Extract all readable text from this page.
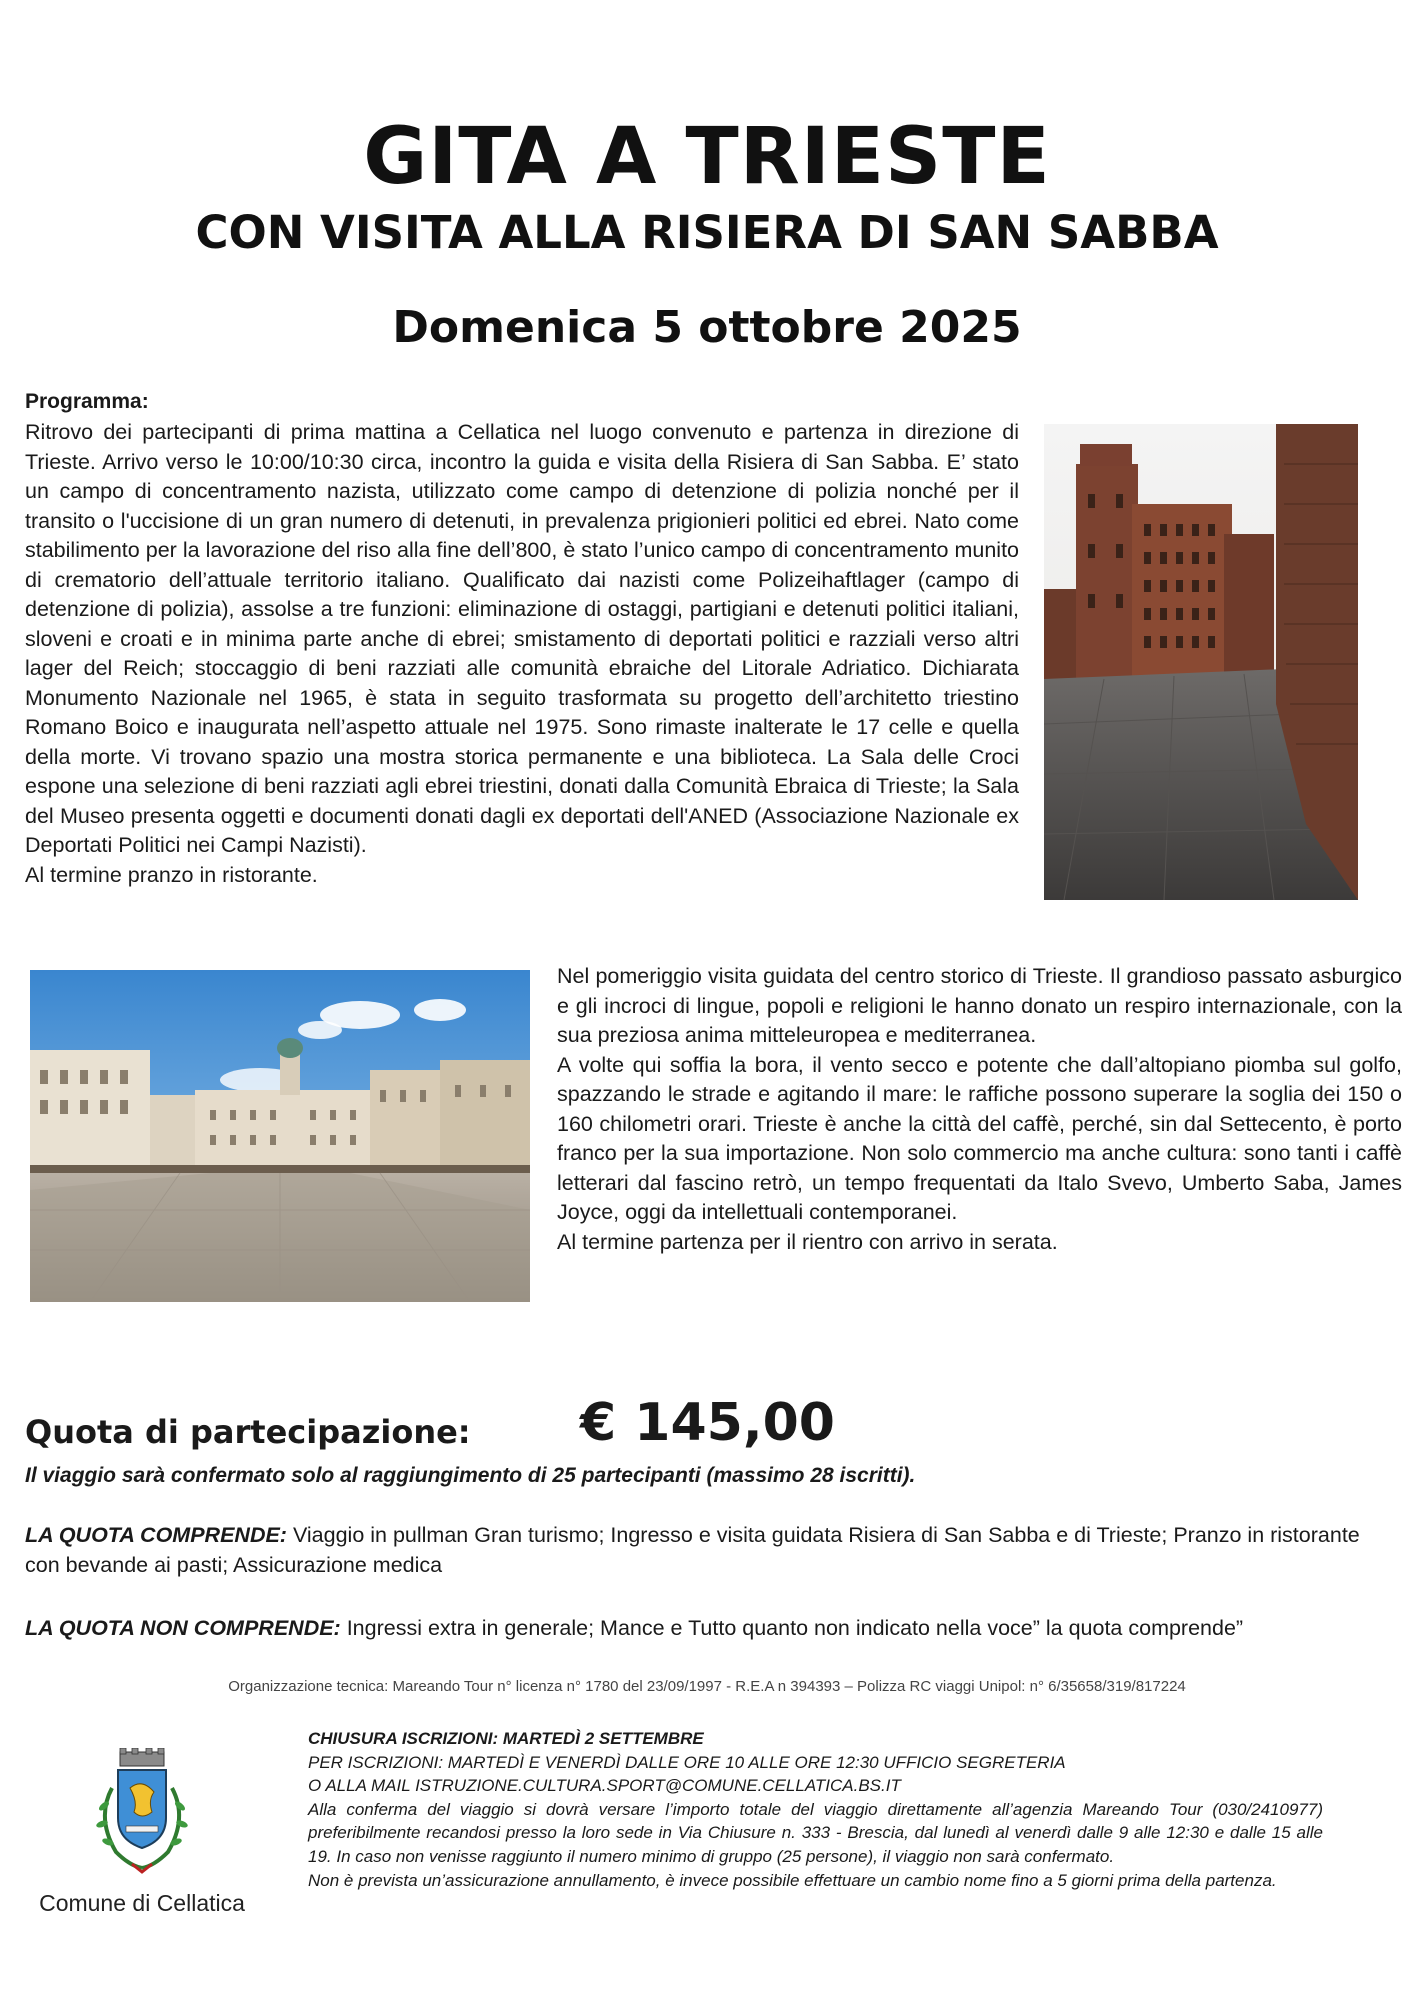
GITA A TRIESTE
CON VISITA ALLA RISIERA DI SAN SABBA
Domenica 5 ottobre 2025
Programma:

Ritrovo dei partecipanti di prima mattina a Cellatica nel luogo convenuto e partenza in direzione di Trieste. Arrivo verso le 10:00/10:30 circa, incontro la guida e visita della Risiera di San Sabba. E’ stato un campo di concentramento nazista, utilizzato come campo di detenzione di polizia nonché per il transito o l'uccisione di un gran numero di detenuti, in prevalenza prigionieri politici ed ebrei. Nato come stabilimento per la lavorazione del riso alla fine dell’800, è stato l’unico campo di concentramento munito di crematorio dell’attuale territorio italiano. Qualificato dai nazisti come Polizeihaftlager (campo di detenzione di polizia), assolse a tre funzioni: eliminazione di ostaggi, partigiani e detenuti politici italiani, sloveni e croati e in minima parte anche di ebrei; smistamento di deportati politici e razziali verso altri lager del Reich; stoccaggio di beni razziati alle comunità ebraiche del Litorale Adriatico. Dichiarata Monumento Nazionale nel 1965, è stata in seguito trasformata su progetto dell’architetto triestino Romano Boico e inaugurata nell’aspetto attuale nel 1975. Sono rimaste inalterate le 17 celle e quella della morte. Vi trovano spazio una mostra storica permanente e una biblioteca. La Sala delle Croci espone una selezione di beni razziati agli ebrei triestini, donati dalla Comunità Ebraica di Trieste; la Sala del Museo presenta oggetti e documenti donati dagli ex deportati dell'ANED (Associazione Nazionale ex Deportati Politici nei Campi Nazisti).

Al termine pranzo in ristorante.

Nel pomeriggio visita guidata del centro storico di Trieste. Il grandioso passato asburgico e gli incroci di lingue, popoli e religioni le hanno donato un respiro internazionale, con la sua preziosa anima mitteleuropea e mediterranea.

A volte qui soffia la bora, il vento secco e potente che dall’altopiano piomba sul golfo, spazzando le strade e agitando il mare: le raffiche possono superare la soglia dei 150 o 160 chilometri orari. Trieste è anche la città del caffè, perché, sin dal Settecento, è porto franco per la sua importazione. Non solo commercio ma anche cultura: sono tanti i caffè letterari dal fascino retrò, un tempo frequentati da Italo Svevo, Umberto Saba, James Joyce, oggi da intellettuali contemporanei.

Al termine partenza per il rientro con arrivo in serata.

Quota di partecipazione: € 145,00
Il viaggio sarà confermato solo al raggiungimento di 25 partecipanti (massimo 28 iscritti).
LA QUOTA COMPRENDE: Viaggio in pullman Gran turismo; Ingresso e visita guidata Risiera di San Sabba e di Trieste; Pranzo in ristorante con bevande ai pasti; Assicurazione medica
LA QUOTA NON COMPRENDE: Ingressi extra in generale; Mance e Tutto quanto non indicato nella voce” la quota comprende”
Organizzazione tecnica: Mareando Tour n° licenza n° 1780 del 23/09/1997 - R.E.A n 394393 – Polizza RC viaggi Unipol: n° 6/35658/319/817224
Comune di Cellatica

CHIUSURA ISCRIZIONI: MARTEDÌ 2 SETTEMBRE

PER ISCRIZIONI: MARTEDÌ E VENERDÌ DALLE ORE 10 ALLE ORE 12:30 UFFICIO SEGRETERIA

O ALLA MAIL ISTRUZIONE.CULTURA.SPORT@COMUNE.CELLATICA.BS.IT

Alla conferma del viaggio si dovrà versare l’importo totale del viaggio direttamente all’agenzia Mareando Tour (030/2410977) preferibilmente recandosi presso la loro sede in Via Chiusure n. 333 - Brescia, dal lunedì al venerdì dalle 9 alle 12:30 e dalle 15 alle 19. In caso non venisse raggiunto il numero minimo di gruppo (25 persone), il viaggio non sarà confermato.

Non è prevista un’assicurazione annullamento, è invece possibile effettuare un cambio nome fino a 5 giorni prima della partenza.
